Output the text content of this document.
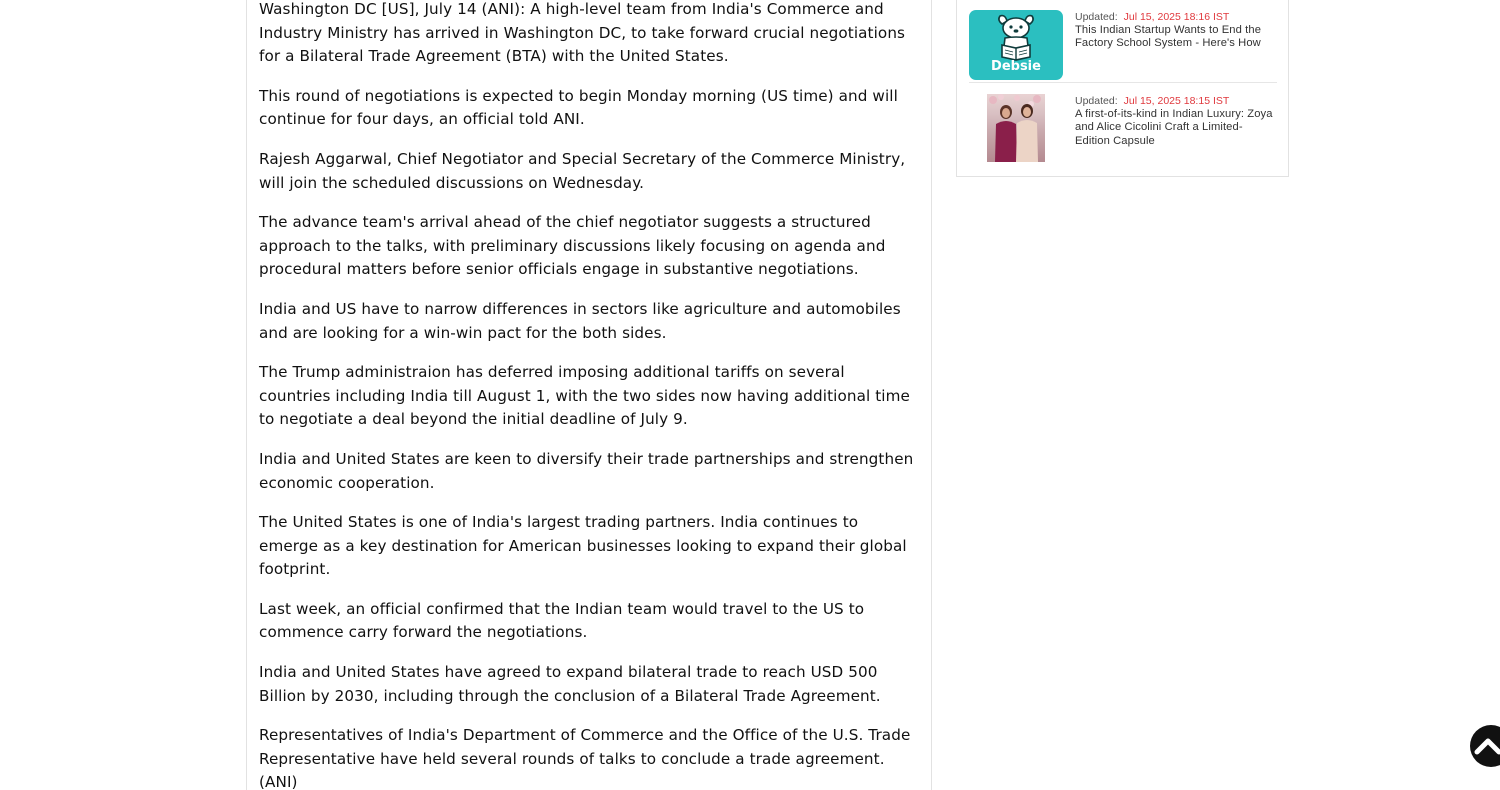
Washington DC [US], July 14 (ANI): A high-level team from India's Commerce and Industry Ministry has arrived in Washington DC, to take forward crucial negotiations for a Bilateral Trade Agreement (BTA) with the United States.

This round of negotiations is expected to begin Monday morning (US time) and will continue for four days, an official told ANI.

Rajesh Aggarwal, Chief Negotiator and Special Secretary of the Commerce Ministry, will join the scheduled discussions on Wednesday.

The advance team's arrival ahead of the chief negotiator suggests a structured approach to the talks, with preliminary discussions likely focusing on agenda and procedural matters before senior officials engage in substantive negotiations.

India and US have to narrow differences in sectors like agriculture and automobiles and are looking for a win-win pact for the both sides.

The Trump administraion has deferred imposing additional tariffs on several countries including India till August 1, with the two sides now having additional time to negotiate a deal beyond the initial deadline of July 9.

India and United States are keen to diversify their trade partnerships and strengthen economic cooperation.

The United States is one of India's largest trading partners. India continues to emerge as a key destination for American businesses looking to expand their global footprint.

Last week, an official confirmed that the Indian team would travel to the US to commence carry forward the negotiations.

India and United States have agreed to expand bilateral trade to reach USD 500 Billion by 2030, including through the conclusion of a Bilateral Trade Agreement.

Representatives of India's Department of Commerce and the Office of the U.S. Trade Representative have held several rounds of talks to conclude a trade agreement. (ANI)

Debsie
Updated: Jul 15, 2025 18:16 IST
This Indian Startup Wants to End the Factory School System - Here's How
Updated: Jul 15, 2025 18:15 IST
A first-of-its-kind in Indian Luxury: Zoya and Alice Cicolini Craft a Limited-Edition Capsule
